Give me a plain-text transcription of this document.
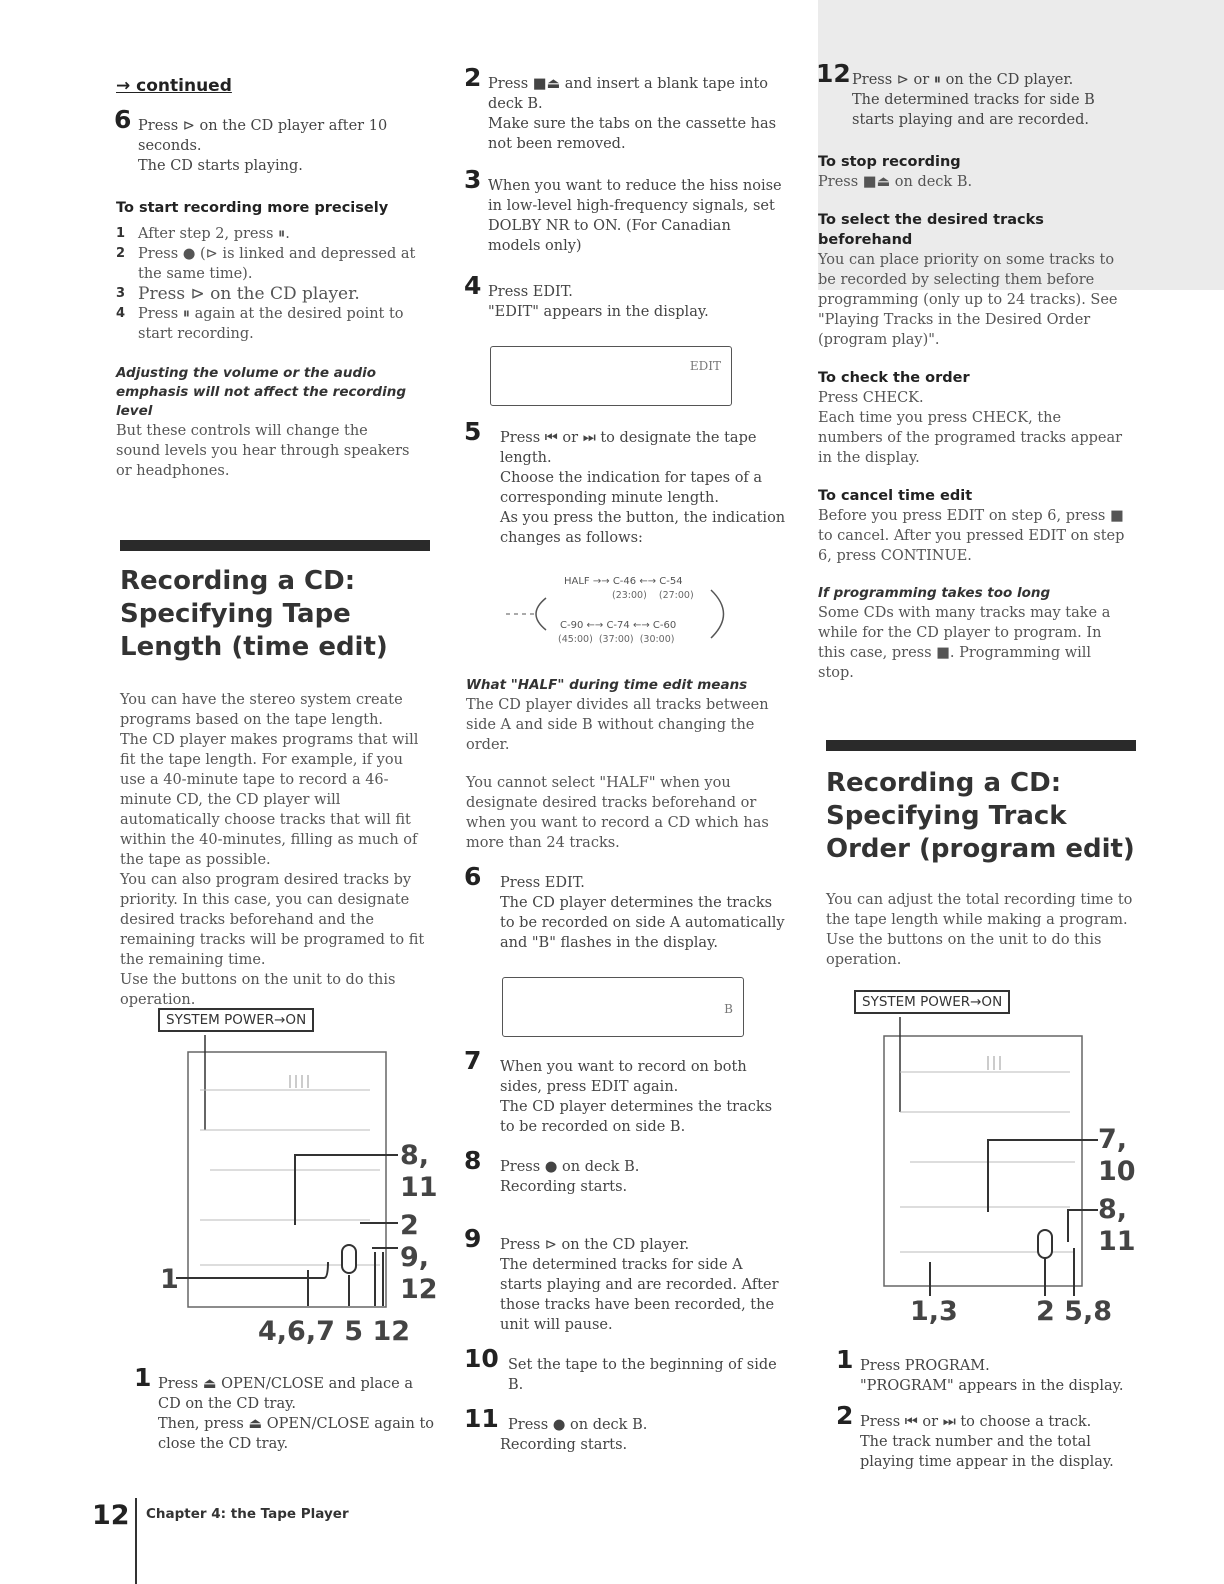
→ continued
6 Press ⊳ on the CD player after 10 seconds.
The CD starts playing.
To start recording more precisely
1 After step 2, press ⏸.
2 Press ● (⊳ is linked and depressed at the same time).
3 Press ⊳ on the CD player.
4 Press ⏸ again at the desired point to start recording.
Adjusting the volume or the audio emphasis will not affect the recording level
But these controls will change the sound levels you hear through speakers or headphones.
Recording a CD: Specifying Tape Length (time edit)

You can have the stereo system create programs based on the tape length.

The CD player makes programs that will fit the tape length. For example, if you use a 40-minute tape to record a 46-minute CD, the CD player will automatically choose tracks that will fit within the 40-minutes, filling as much of the tape as possible.

You can also program desired tracks by priority. In this case, you can designate desired tracks beforehand and the remaining tracks will be programed to fit the remaining time.

Use the buttons on the unit to do this operation.

SYSTEM POWER→ON
8,
11
2
9,
12
1
4,6,7 5 12
1 Press ⏏ OPEN/CLOSE and place a CD on the CD tray.
Then, press ⏏ OPEN/CLOSE again to close the CD tray.
2 Press ■⏏ and insert a blank tape into deck B.
Make sure the tabs on the cassette has not been removed.
3 When you want to reduce the hiss noise in low-level high-frequency signals, set DOLBY NR to ON. (For Canadian models only)
4 Press EDIT.
"EDIT" appears in the display.
EDIT
5 Press ⏮ or ⏭ to designate the tape length.
Choose the indication for tapes of a corresponding minute length.
As you press the button, the indication changes as follows:
HALF →→ C-46 ←→ C-54
(23:00) (27:00)
C-90 ←→ C-74 ←→ C-60
(45:00) (37:00) (30:00)
What "HALF" during time edit means
The CD player divides all tracks between side A and side B without changing the order.
You cannot select "HALF" when you designate desired tracks beforehand or when you want to record a CD which has more than 24 tracks.
6 Press EDIT.
The CD player determines the tracks to be recorded on side A automatically and "B" flashes in the display.
B
7 When you want to record on both sides, press EDIT again.
The CD player determines the tracks to be recorded on side B.
8 Press ● on deck B.
Recording starts.
9 Press ⊳ on the CD player.
The determined tracks for side A starts playing and are recorded. After those tracks have been recorded, the unit will pause.
10 Set the tape to the beginning of side B.
11 Press ● on deck B.
Recording starts.
12 Press ⊳ or ⏸ on the CD player.
The determined tracks for side B starts playing and are recorded.
To stop recording
Press ■⏏ on deck B.
To select the desired tracks beforehand
You can place priority on some tracks to be recorded by selecting them before programming (only up to 24 tracks). See "Playing Tracks in the Desired Order (program play)".
To check the order

Press CHECK.

Each time you press CHECK, the numbers of the programed tracks appear in the display.

To cancel time edit
Before you press EDIT on step 6, press ■ to cancel. After you pressed EDIT on step 6, press CONTINUE.
If programming takes too long
Some CDs with many tracks may take a while for the CD player to program. In this case, press ■. Programming will stop.
Recording a CD: Specifying Track Order (program edit)
You can adjust the total recording time to the tape length while making a program. Use the buttons on the unit to do this operation.
SYSTEM POWER→ON
7,
10
8,
11
1,3	2 5,8
1 Press PROGRAM.
"PROGRAM" appears in the display.
2 Press ⏮ or ⏭ to choose a track.
The track number and the total playing time appear in the display.
12 Chapter 4: the Tape Player
